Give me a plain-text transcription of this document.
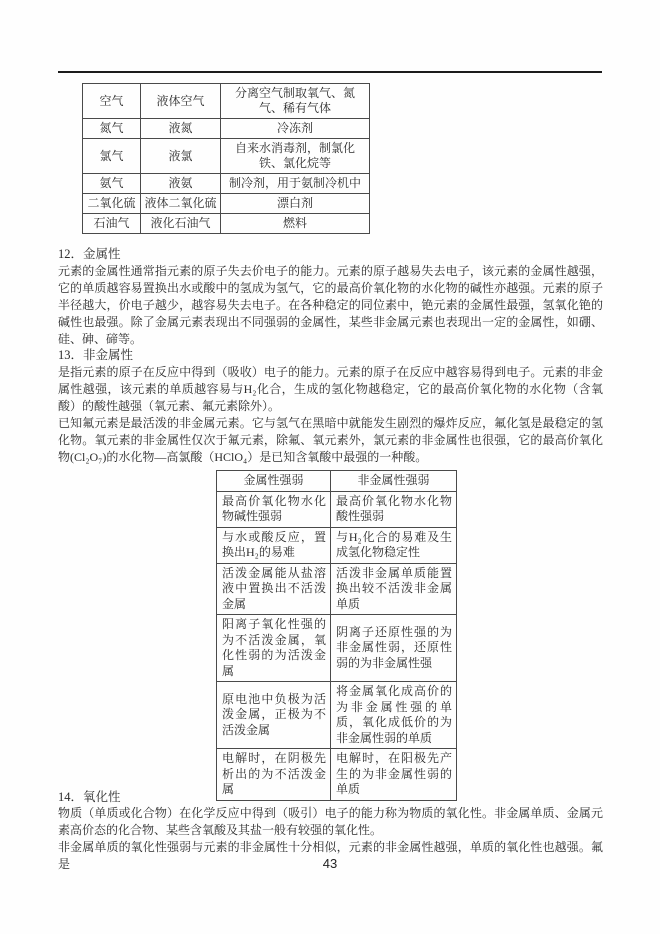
空气	液体空气	分离空气制取氧气、氮气、稀有气体
氮气	液氮	冷冻剂
氯气	液氯	自来水消毒剂，制氯化铁、氯化烷等
氨气	液氨	制冷剂，用于氨制冷机中
二氧化硫	液体二氧化硫	漂白剂
石油气	液化石油气	燃料
12．金属性
元素的金属性通常指元素的原子失去价电子的能力。元素的原子越易失去电子，该元素的金属性越强，它的单质越容易置换出水或酸中的氢成为氢气，它的最高价氧化物的水化物的碱性亦越强。元素的原子半径越大，价电子越少，越容易失去电子。在各种稳定的同位素中，铯元素的金属性最强，氢氧化铯的碱性也最强。除了金属元素表现出不同强弱的金属性，某些非金属元素也表现出一定的金属性，如硼、硅、砷、碲等。
13．非金属性

是指元素的原子在反应中得到（吸收）电子的能力。元素的原子在反应中越容易得到电子。元素的非金属性越强，该元素的单质越容易与H₂化合，生成的氢化物越稳定，它的最高价氧化物的水化物（含氧酸）的酸性越强（氧元素、氟元素除外）。

已知氟元素是最活泼的非金属元素。它与氢气在黑暗中就能发生剧烈的爆炸反应，氟化氢是最稳定的氢化物。氧元素的非金属性仅次于氟元素，除氟、氧元素外，氯元素的非金属性也很强，它的最高价氧化物(Cl₂O₇)的水化物—高氯酸（HClO₄）是已知含氧酸中最强的一种酸。

金属性强弱	非金属性强弱
最高价氧化物水化物碱性强弱	最高价氧化物水化物酸性强弱
与水或酸反应，置换出H₂的易难	与H₂化合的易难及生成氢化物稳定性
活泼金属能从盐溶液中置换出不活泼金属	活泼非金属单质能置换出较不活泼非金属单质
阳离子氧化性强的为不活泼金属，氧化性弱的为活泼金属	阴离子还原性强的为非金属性弱，还原性弱的为非金属性强
原电池中负极为活泼金属，正极为不活泼金属	将金属氧化成高价的为非金属性强的单质，氧化成低价的为非金属性弱的单质
电解时，在阴极先析出的为不活泼金属	电解时，在阳极先产生的为非金属性弱的单质
14．氧化性

物质（单质或化合物）在化学反应中得到（吸引）电子的能力称为物质的氧化性。非金属单质、金属元素高价态的化合物、某些含氧酸及其盐一般有较强的氧化性。

非金属单质的氧化性强弱与元素的非金属性十分相似，元素的非金属性越强，单质的氧化性也越强。氟是	43
